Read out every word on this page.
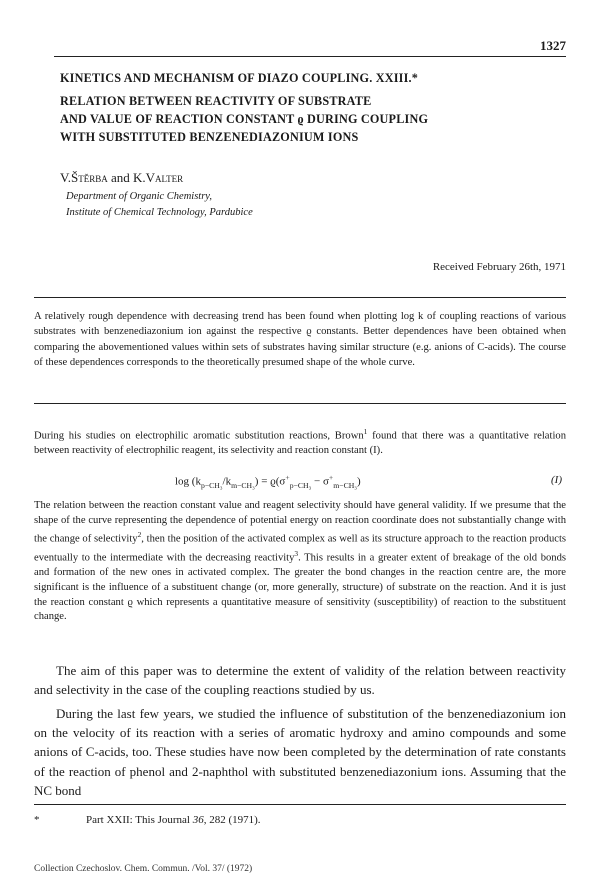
1327
KINETICS AND MECHANISM OF DIAZO COUPLING. XXIII.*
RELATION BETWEEN REACTIVITY OF SUBSTRATE
AND VALUE OF REACTION CONSTANT ϱ DURING COUPLING
WITH SUBSTITUTED BENZENEDIAZONIUM IONS
V.Štěrba and K.Valter
Department of Organic Chemistry,
Institute of Chemical Technology, Pardubice
Received February 26th, 1971
A relatively rough dependence with decreasing trend has been found when plotting log k of coupling reactions of various substrates with benzenediazonium ion against the respective ϱ constants. Better dependences have been obtained when comparing the abovementioned values within sets of substrates having similar structure (e.g. anions of C-acids). The course of these dependences corresponds to the theoretically presumed shape of the whole curve.
During his studies on electrophilic aromatic substitution reactions, Brown$^1$ found that there was a quantitative relation between reactivity of electrophilic reagent, its selectivity and reaction constant (I).
$\log (k_{p-CH_3}/k_{m-CH_3}) = ϱ(\sigma^+_{p-CH_3} - \sigma^+_{m-CH_3})$	(I)
The relation between the reaction constant value and reagent selectivity should have general validity. If we presume that the shape of the curve representing the dependence of potential energy on reaction coordinate does not substantially change with the change of selectivity$^2$, then the position of the activated complex as well as its structure approach to the reaction products eventually to the intermediate with the decreasing reactivity$^3$. This results in a greater extent of breakage of the old bonds and formation of the new ones in activated complex. The greater the bond changes in the reaction centre are, the more significant is the influence of a substituent change (or, more generally, structure) of substrate on the reaction. And it is just the reaction constant ϱ which represents a quantitative measure of sensitivity (susceptibility) of reaction to the substituent change.
The aim of this paper was to determine the extent of validity of the relation between reactivity and selectivity in the case of the coupling reactions studied by us.
During the last few years, we studied the influence of substitution of the benzenediazonium ion on the velocity of its reaction with a series of aromatic hydroxy and amino compounds and some anions of C-acids, too. These studies have now been completed by the determination of rate constants of the reaction of phenol and 2-naphthol with substituted benzenediazonium ions. Assuming that the NC bond
*	Part XXII: This Journal 36, 282 (1971).
Collection Czechoslov. Chem. Commun. /Vol. 37/ (1972)
